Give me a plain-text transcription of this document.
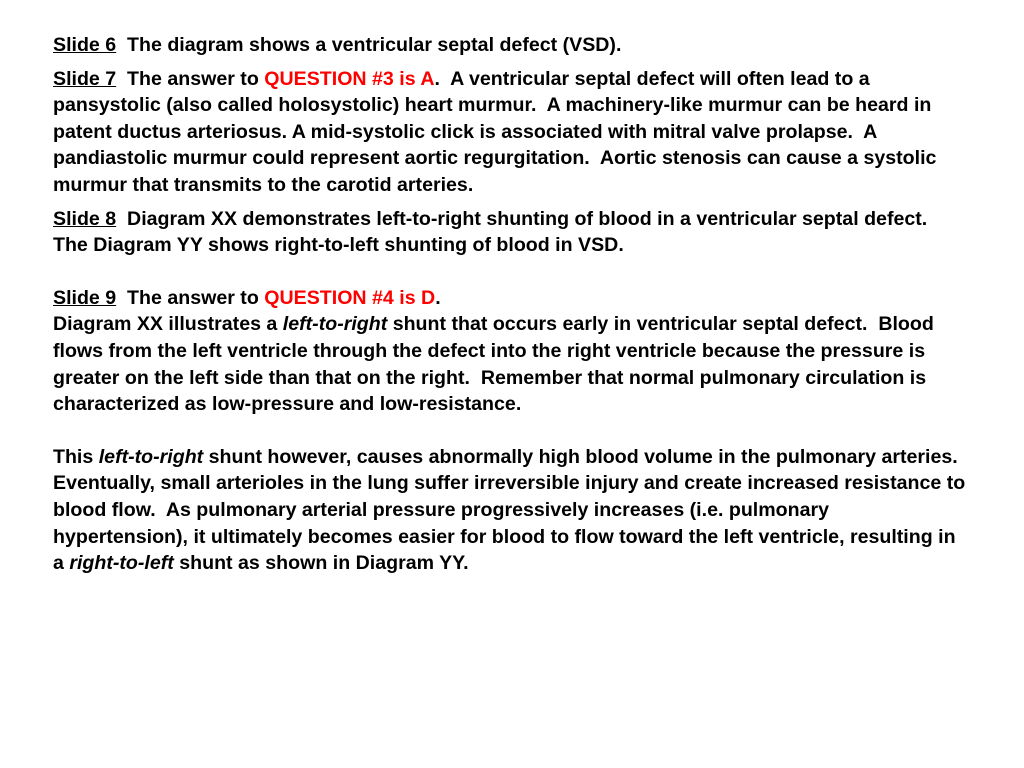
Slide 6  The diagram shows a ventricular septal defect (VSD).

Slide 7  The answer to QUESTION #3 is A.  A ventricular septal defect will often lead to a pansystolic (also called holosystolic) heart murmur.  A machinery-like murmur can be heard in patent ductus arteriosus. A mid-systolic click is associated with mitral valve prolapse.  A pandiastolic murmur could represent aortic regurgitation.  Aortic stenosis can cause a systolic murmur that transmits to the carotid arteries.

Slide 8  Diagram XX demonstrates left-to-right shunting of blood in a ventricular septal defect.  The Diagram YY shows right-to-left shunting of blood in VSD.

Slide 9  The answer to QUESTION #4 is D.

Diagram XX illustrates a left-to-right shunt that occurs early in ventricular septal defect.  Blood flows from the left ventricle through the defect into the right ventricle because the pressure is greater on the left side than that on the right.  Remember that normal pulmonary circulation is characterized as low-pressure and low-resistance.

This left-to-right shunt however, causes abnormally high blood volume in the pulmonary arteries.  Eventually, small arterioles in the lung suffer irreversible injury and create increased resistance to blood flow.  As pulmonary arterial pressure progressively increases (i.e. pulmonary hypertension), it ultimately becomes easier for blood to flow toward the left ventricle, resulting in a right-to-left shunt as shown in Diagram YY.
